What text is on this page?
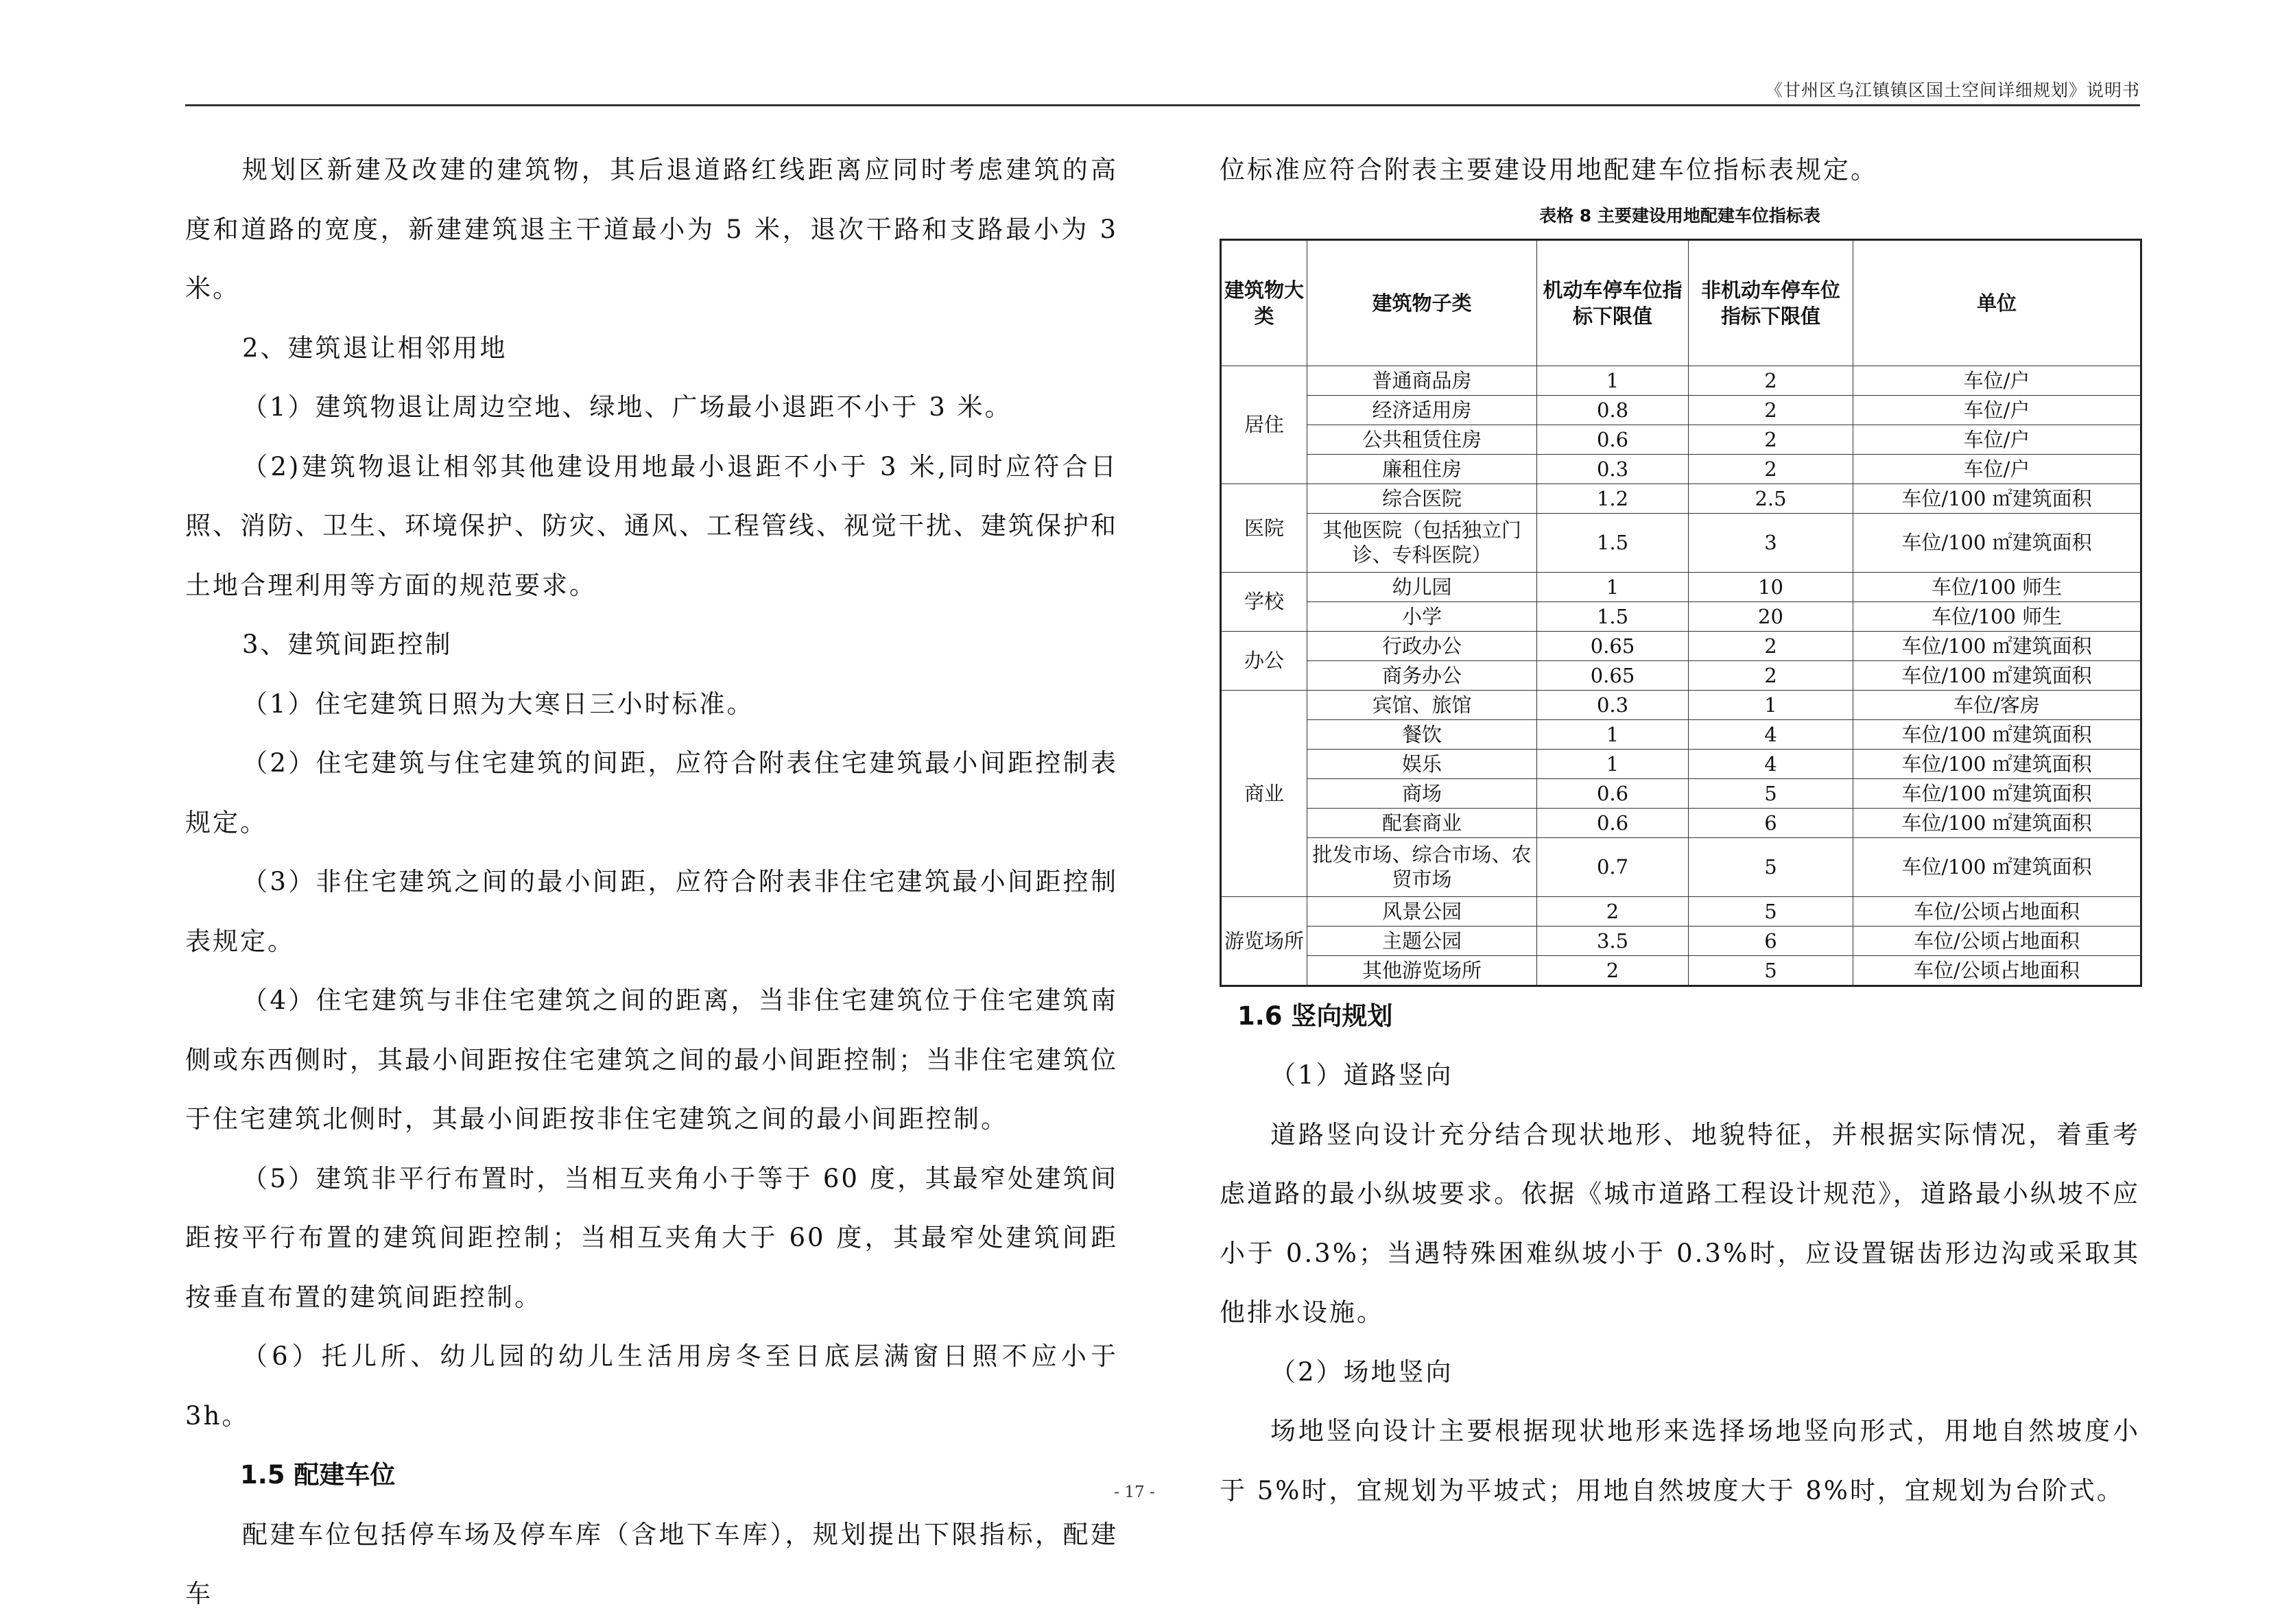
《甘州区乌江镇镇区国土空间详细规划》说明书

规划区新建及改建的建筑物，其后退道路红线距离应同时考虑建筑的高度和道路的宽度，新建建筑退主干道最小为 5 米，退次干路和支路最小为 3 米。

2、建筑退让相邻用地

（1）建筑物退让周边空地、绿地、广场最小退距不小于 3 米。

（2)建筑物退让相邻其他建设用地最小退距不小于 3 米,同时应符合日照、消防、卫生、环境保护、防灾、通风、工程管线、视觉干扰、建筑保护和土地合理利用等方面的规范要求。

3、建筑间距控制

（1）住宅建筑日照为大寒日三小时标准。

（2）住宅建筑与住宅建筑的间距，应符合附表住宅建筑最小间距控制表规定。

（3）非住宅建筑之间的最小间距，应符合附表非住宅建筑最小间距控制表规定。

（4）住宅建筑与非住宅建筑之间的距离，当非住宅建筑位于住宅建筑南侧或东西侧时，其最小间距按住宅建筑之间的最小间距控制；当非住宅建筑位于住宅建筑北侧时，其最小间距按非住宅建筑之间的最小间距控制。

（5）建筑非平行布置时，当相互夹角小于等于 60 度，其最窄处建筑间距按平行布置的建筑间距控制；当相互夹角大于 60 度，其最窄处建筑间距按垂直布置的建筑间距控制。

（6）托儿所、幼儿园的幼儿生活用房冬至日底层满窗日照不应小于 3h。

1.5 配建车位

配建车位包括停车场及停车库（含地下车库），规划提出下限指标，配建车

位标准应符合附表主要建设用地配建车位指标表规定。

表格 8 主要建设用地配建车位指标表
建筑物大类	建筑物子类	机动车停车位指标下限值	非机动车停车位指标下限值	单位
居住	普通商品房	1	2	车位/户
	经济适用房	0.8	2	车位/户
	公共租赁住房	0.6	2	车位/户
	廉租住房	0.3	2	车位/户
医院	综合医院	1.2	2.5	车位/100 ㎡建筑面积
	其他医院（包括独立门诊、专科医院）	1.5	3	车位/100 ㎡建筑面积
学校	幼儿园	1	10	车位/100 师生
	小学	1.5	20	车位/100 师生
办公	行政办公	0.65	2	车位/100 ㎡建筑面积
	商务办公	0.65	2	车位/100 ㎡建筑面积
商业	宾馆、旅馆	0.3	1	车位/客房
	餐饮	1	4	车位/100 ㎡建筑面积
	娱乐	1	4	车位/100 ㎡建筑面积
	商场	0.6	5	车位/100 ㎡建筑面积
	配套商业	0.6	6	车位/100 ㎡建筑面积
	批发市场、综合市场、农贸市场	0.7	5	车位/100 ㎡建筑面积
游览场所	风景公园	2	5	车位/公顷占地面积
	主题公园	3.5	6	车位/公顷占地面积
	其他游览场所	2	5	车位/公顷占地面积
1.6 竖向规划

（1）道路竖向

道路竖向设计充分结合现状地形、地貌特征，并根据实际情况，着重考虑道路的最小纵坡要求。依据《城市道路工程设计规范》，道路最小纵坡不应小于 0.3%；当遇特殊困难纵坡小于 0.3%时，应设置锯齿形边沟或采取其他排水设施。

（2）场地竖向

场地竖向设计主要根据现状地形来选择场地竖向形式，用地自然坡度小于 5%时，宜规划为平坡式；用地自然坡度大于 8%时，宜规划为台阶式。

- 17 -
